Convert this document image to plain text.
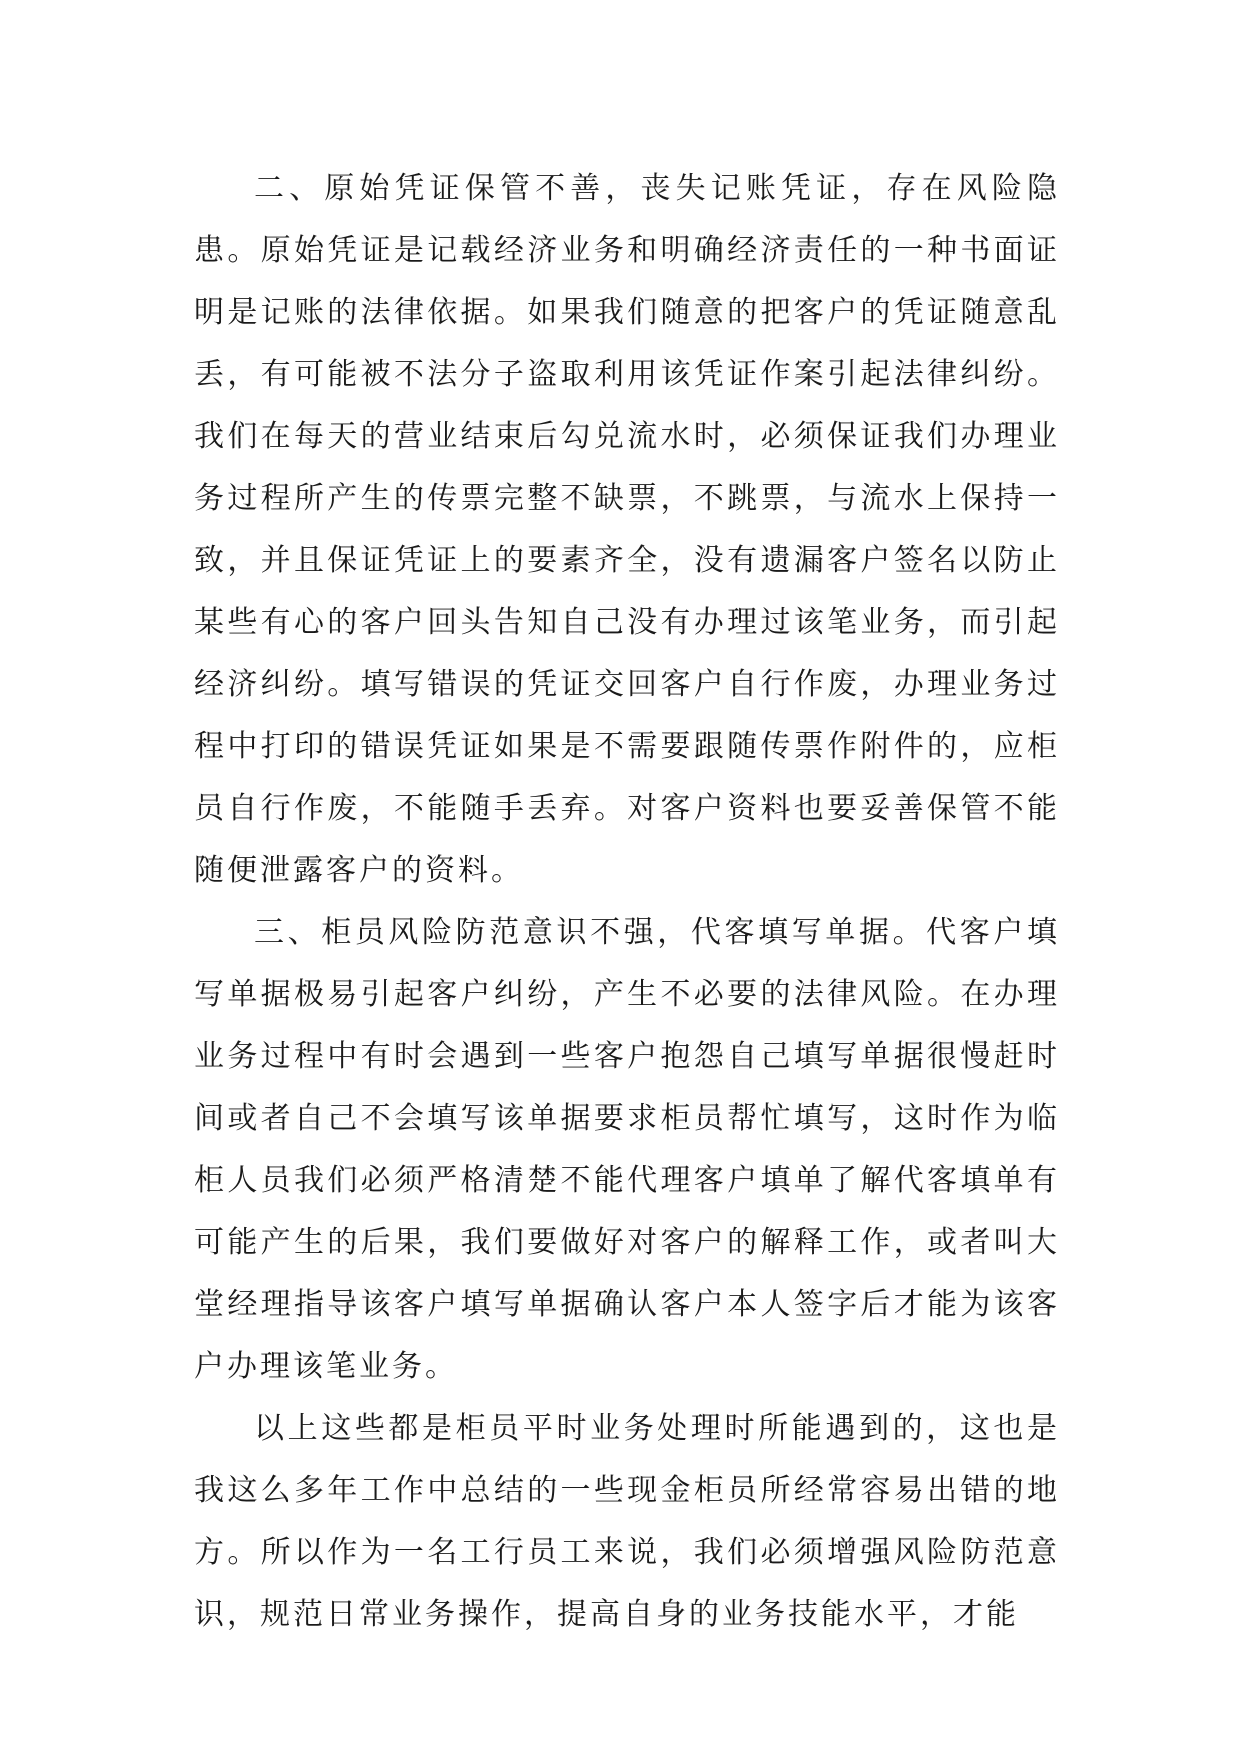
二、原始凭证保管不善，丧失记账凭证，存在风险隐患。原始凭证是记载经济业务和明确经济责任的一种书面证明是记账的法律依据。如果我们随意的把客户的凭证随意乱丢，有可能被不法分子盗取利用该凭证作案引起法律纠纷。我们在每天的营业结束后勾兑流水时，必须保证我们办理业务过程所产生的传票完整不缺票，不跳票，与流水上保持一致，并且保证凭证上的要素齐全，没有遗漏客户签名以防止某些有心的客户回头告知自己没有办理过该笔业务，而引起经济纠纷。填写错误的凭证交回客户自行作废，办理业务过程中打印的错误凭证如果是不需要跟随传票作附件的，应柜员自行作废，不能随手丢弃。对客户资料也要妥善保管不能随便泄露客户的资料。

三、柜员风险防范意识不强，代客填写单据。代客户填写单据极易引起客户纠纷，产生不必要的法律风险。在办理业务过程中有时会遇到一些客户抱怨自己填写单据很慢赶时间或者自己不会填写该单据要求柜员帮忙填写，这时作为临柜人员我们必须严格清楚不能代理客户填单了解代客填单有可能产生的后果，我们要做好对客户的解释工作，或者叫大堂经理指导该客户填写单据确认客户本人签字后才能为该客户办理该笔业务。

以上这些都是柜员平时业务处理时所能遇到的，这也是我这么多年工作中总结的一些现金柜员所经常容易出错的地方。所以作为一名工行员工来说，我们必须增强风险防范意识，规范日常业务操作，提高自身的业务技能水平，才能
